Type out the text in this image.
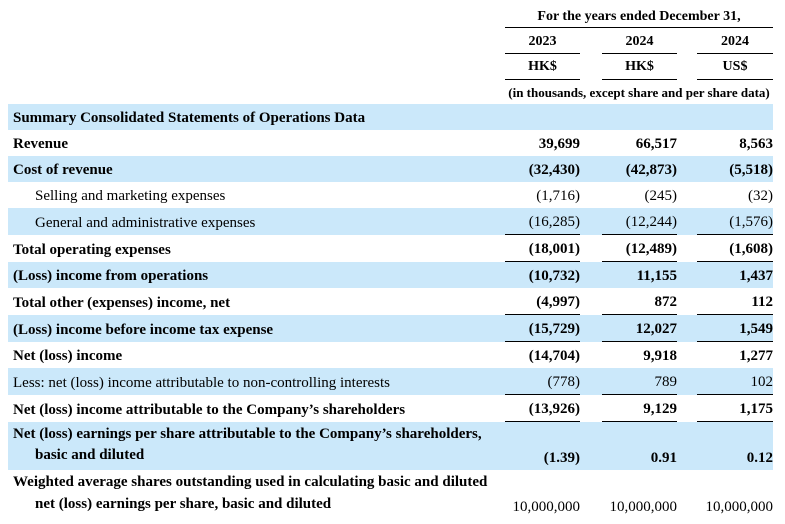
	For the years ended December 31,				
	2023		2024		2024
	HK$		HK$		US$
	(in thousands, except share and per share data)				
Summary Consolidated Statements of Operations Data					
Revenue	39,699		66,517		8,563
Cost of revenue	(32,430)		(42,873)		(5,518)
Selling and marketing expenses	(1,716)		(245)		(32)
General and administrative expenses	(16,285)		(12,244)		(1,576)
Total operating expenses	(18,001)		(12,489)		(1,608)
(Loss) income from operations	(10,732)		11,155		1,437
Total other (expenses) income, net	(4,997)		872		112
(Loss) income before income tax expense	(15,729)		12,027		1,549
Net (loss) income	(14,704)		9,918		1,277
Less: net (loss) income attributable to non-controlling interests	(778)		789		102
Net (loss) income attributable to the Company’s shareholders	(13,926)		9,129		1,175
Net (loss) earnings per share attributable to the Company’s shareholders, basic and diluted	(1.39)		0.91		0.12
Weighted average shares outstanding used in calculating basic and diluted net (loss) earnings per share, basic and diluted	10,000,000		10,000,000		10,000,000
